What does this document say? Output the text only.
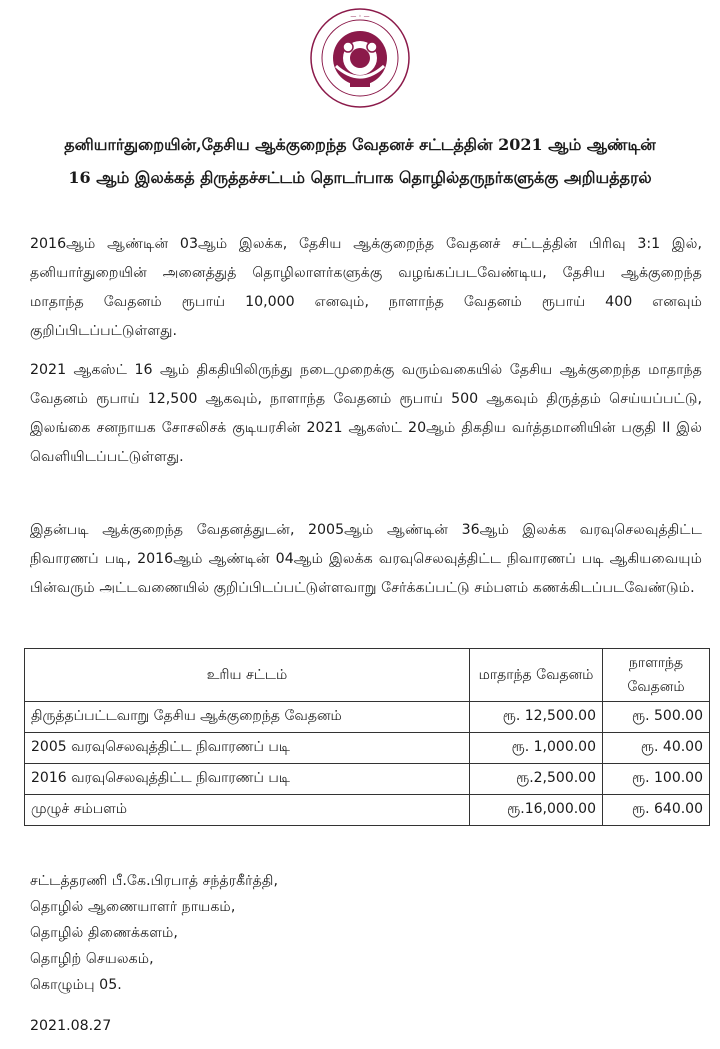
— ◦ —
தனியார்துறையின்,தேசிய ஆக்குறைந்த வேதனச் சட்டத்தின் 2021 ஆம் ஆண்டின் 16 ஆம் இலக்கத் திருத்தச்சட்டம் தொடர்பாக தொழில்தருநர்களுக்கு அறியத்தரல்

2016ஆம் ஆண்டின் 03ஆம் இலக்க, தேசிய ஆக்குறைந்த வேதனச் சட்டத்தின் பிரிவு 3:1 இல், தனியார்துறையின் அனைத்துத் தொழிலாளர்களுக்கு வழங்கப்படவேண்டிய, தேசிய ஆக்குறைந்த மாதாந்த வேதனம் ரூபாய் 10,000 எனவும், நாளாந்த வேதனம் ரூபாய் 400 எனவும் குறிப்பிடப்பட்டுள்ளது.

2021 ஆகஸ்ட் 16 ஆம் திகதியிலிருந்து நடைமுறைக்கு வரும்வகையில் தேசிய ஆக்குறைந்த மாதாந்த வேதனம் ரூபாய் 12,500 ஆகவும், நாளாந்த வேதனம் ரூபாய் 500 ஆகவும் திருத்தம் செய்யப்பட்டு, இலங்கை சனநாயக சோசலிசக் குடியரசின் 2021 ஆகஸ்ட் 20ஆம் திகதிய வர்த்தமானியின் பகுதி II இல் வெளியிடப்பட்டுள்ளது.

இதன்படி ஆக்குறைந்த வேதனத்துடன், 2005ஆம் ஆண்டின் 36ஆம் இலக்க வரவுசெலவுத்திட்ட நிவாரணப் படி, 2016ஆம் ஆண்டின் 04ஆம் இலக்க வரவுசெலவுத்திட்ட நிவாரணப் படி ஆகியவையும் பின்வரும் அட்டவணையில் குறிப்பிடப்பட்டுள்ளவாறு சேர்க்கப்பட்டு சம்பளம் கணக்கிடப்படவேண்டும்.

உரிய சட்டம்	மாதாந்த வேதனம்	நாளாந்த வேதனம்
திருத்தப்பட்டவாறு தேசிய ஆக்குறைந்த வேதனம்	ரூ. 12,500.00	ரூ. 500.00
2005 வரவுசெலவுத்திட்ட நிவாரணப் படி	ரூ. 1,000.00	ரூ. 40.00
2016 வரவுசெலவுத்திட்ட நிவாரணப் படி	ரூ.2,500.00	ரூ. 100.00
முழுச் சம்பளம்	ரூ.16,000.00	ரூ. 640.00
சட்டத்தரணி பீ.கே.பிரபாத் சந்த்ரகீர்த்தி,
தொழில் ஆணையாளர் நாயகம்,
தொழில் திணைக்களம்,
தொழிற் செயலகம்,
கொழும்பு 05.
2021.08.27
